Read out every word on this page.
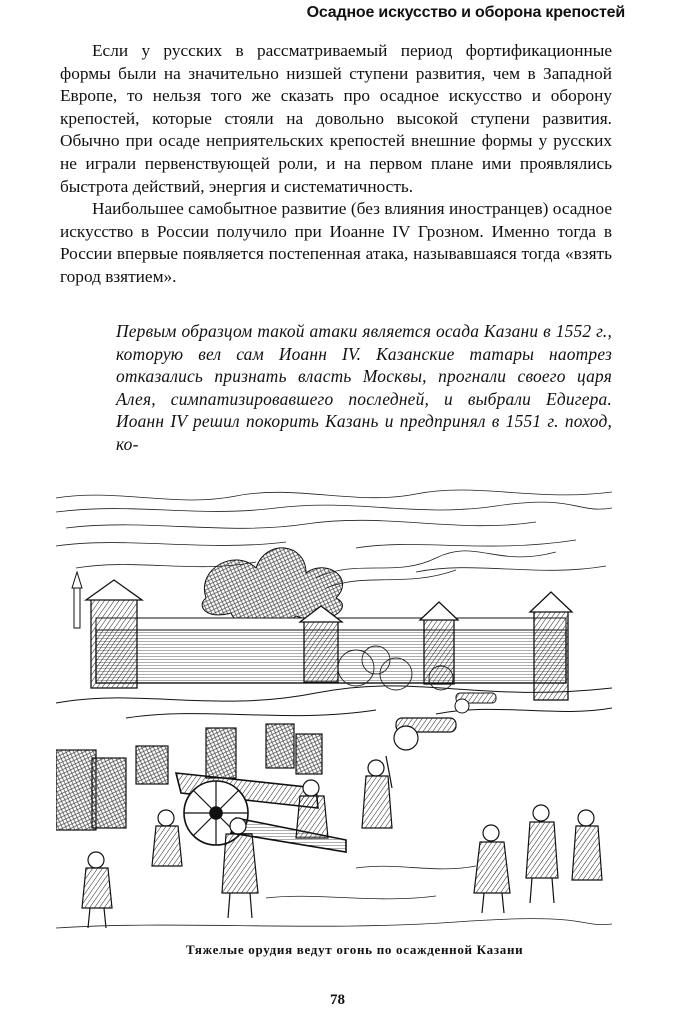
Осадное искусство и оборона крепостей

Если у русских в рассматриваемый период фортификационные формы были на значительно низшей ступени развития, чем в Западной Европе, то нельзя того же сказать про осадное искусство и оборону крепостей, которые стояли на довольно высокой ступени развития. Обычно при осаде неприятельских крепостей внешние формы у русских не играли первенствующей роли, и на первом плане ими проявлялись быстрота действий, энергия и систематичность.

Наибольшее самобытное развитие (без влияния иностранцев) осадное искусство в России получило при Иоанне IV Грозном. Именно тогда в России впервые появляется постепенная атака, называвшаяся тогда «взять город взятием».

Первым образцом такой атаки является осада Казани в 1552 г., которую вел сам Иоанн IV. Казанские татары наотрез отказались признать власть Москвы, прогнали своего царя Алея, симпатизировавшего последней, и выбрали Едигера. Иоанн IV решил покорить Казань и предпринял в 1551 г. поход, ко-
Тяжелые орудия ведут огонь по осажденной Казани
78
